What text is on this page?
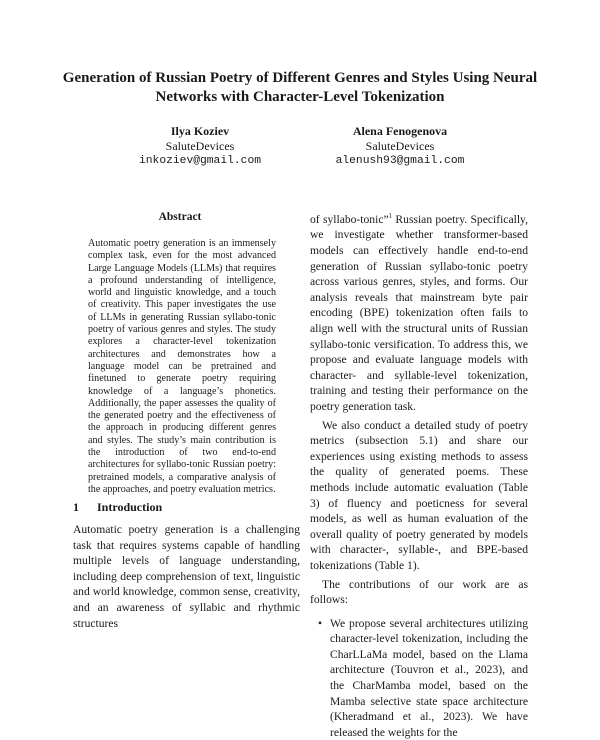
Generation of Russian Poetry of Different Genres and Styles Using Neural Networks with Character-Level Tokenization
Ilya Koziev
SaluteDevices
inkoziev@gmail.com
Alena Fenogenova
SaluteDevices
alenush93@gmail.com
Abstract
Automatic poetry generation is an immensely complex task, even for the most advanced Large Language Models (LLMs) that requires a profound understanding of intelligence, world and linguistic knowledge, and a touch of creativity. This paper investigates the use of LLMs in generating Russian syllabo-tonic poetry of various genres and styles. The study explores a character-level tokenization architectures and demonstrates how a language model can be pretrained and finetuned to generate poetry requiring knowledge of a language’s phonetics. Additionally, the paper assesses the quality of the generated poetry and the effectiveness of the approach in producing different genres and styles. The study’s main contribution is the introduction of two end-to-end architectures for syllabo-tonic Russian poetry: pretrained models, a comparative analysis of the approaches, and poetry evaluation metrics.
1 Introduction
Automatic poetry generation is a challenging task that requires systems capable of handling multiple levels of language understanding, including deep comprehension of text, linguistic and world knowledge, common sense, creativity, and an awareness of syllabic and rhythmic structures

of syllabo-tonic”$^1$ Russian poetry. Specifically, we investigate whether transformer-based models can effectively handle end-to-end generation of Russian syllabo-tonic poetry across various genres, styles, and forms. Our analysis reveals that mainstream byte pair encoding (BPE) tokenization often fails to align well with the structural units of Russian syllabo-tonic versification. To address this, we propose and evaluate language models with character- and syllable-level tokenization, training and testing their performance on the poetry generation task.

We also conduct a detailed study of poetry metrics (subsection 5.1) and share our experiences using existing methods to assess the quality of generated poems. These methods include automatic evaluation (Table 3) of fluency and poeticness for several models, as well as human evaluation of the overall quality of poetry generated by models with character-, syllable-, and BPE-based tokenizations (Table 1).

The contributions of our work are as follows:

• We propose several architectures utilizing character-level tokenization, including the CharLLaMa model, based on the Llama architecture (Touvron et al., 2023), and the CharMamba model, based on the Mamba selective state space architecture (Kheradmand et al., 2023). We have released the weights for the
